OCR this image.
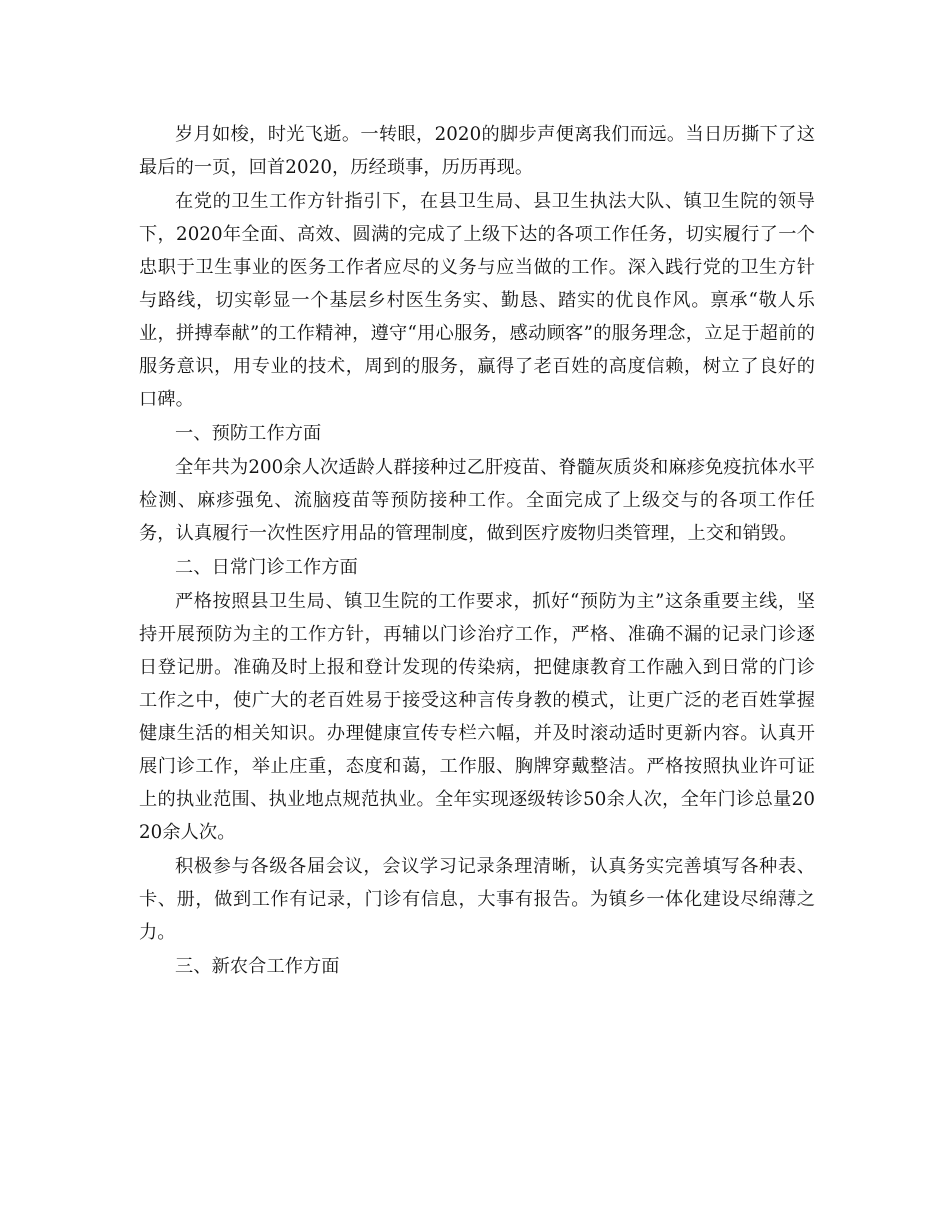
岁月如梭，时光飞逝。一转眼，2020的脚步声便离我们而远。当日历撕下了这最后的一页，回首2020，历经琐事，历历再现。

在党的卫生工作方针指引下，在县卫生局、县卫生执法大队、镇卫生院的领导下，2020年全面、高效、圆满的完成了上级下达的各项工作任务，切实履行了一个忠职于卫生事业的医务工作者应尽的义务与应当做的工作。深入践行党的卫生方针与路线，切实彰显一个基层乡村医生务实、勤恳、踏实的优良作风。禀承“敬人乐业，拼搏奉献”的工作精神，遵守“用心服务，感动顾客”的服务理念，立足于超前的服务意识，用专业的技术，周到的服务，赢得了老百姓的高度信赖，树立了良好的口碑。

一、预防工作方面

全年共为200余人次适龄人群接种过乙肝疫苗、脊髓灰质炎和麻疹免疫抗体水平检测、麻疹强免、流脑疫苗等预防接种工作。全面完成了上级交与的各项工作任务，认真履行一次性医疗用品的管理制度，做到医疗废物归类管理，上交和销毁。

二、日常门诊工作方面

严格按照县卫生局、镇卫生院的工作要求，抓好“预防为主”这条重要主线，坚持开展预防为主的工作方针，再辅以门诊治疗工作，严格、准确不漏的记录门诊逐日登记册。准确及时上报和登计发现的传染病，把健康教育工作融入到日常的门诊工作之中，使广大的老百姓易于接受这种言传身教的模式，让更广泛的老百姓掌握健康生活的相关知识。办理健康宣传专栏六幅，并及时滚动适时更新内容。认真开展门诊工作，举止庄重，态度和蔼，工作服、胸牌穿戴整洁。严格按照执业许可证上的执业范围、执业地点规范执业。全年实现逐级转诊50余人次，全年门诊总量2020余人次。

积极参与各级各届会议，会议学习记录条理清晰，认真务实完善填写各种表、卡、册，做到工作有记录，门诊有信息，大事有报告。为镇乡一体化建设尽绵薄之力。

三、新农合工作方面
